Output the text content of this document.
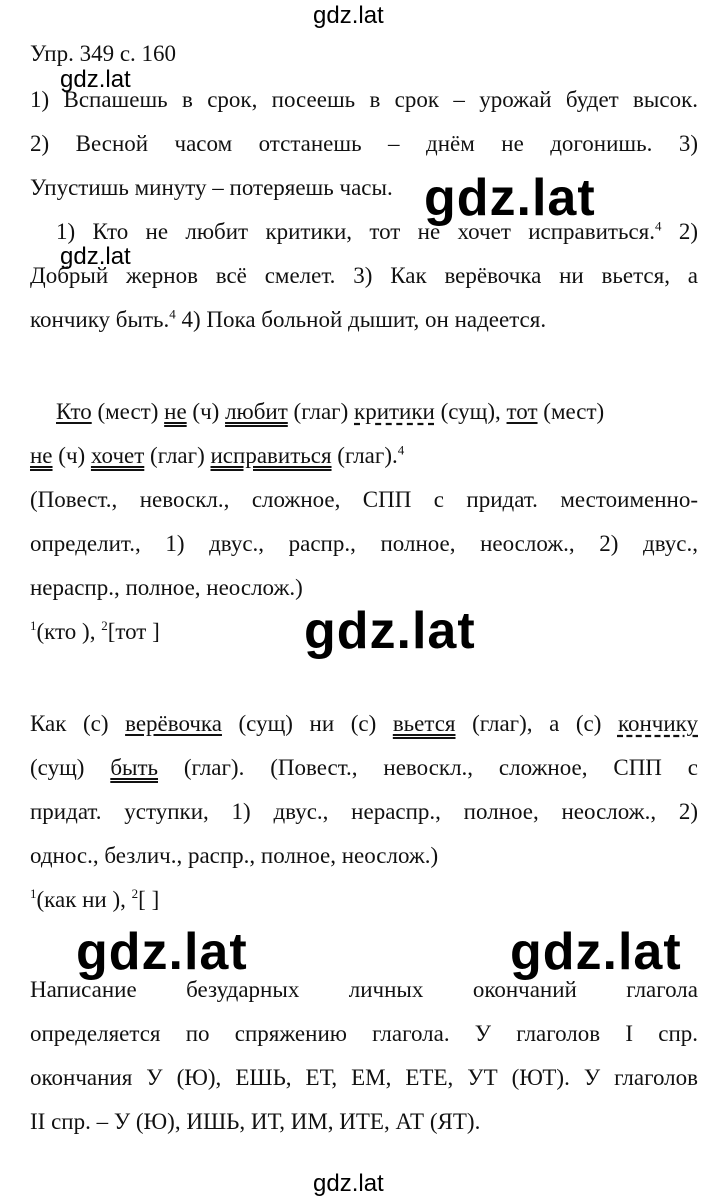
gdz.lat
gdz.lat
gdz.lat
gdz.lat
gdz.lat
gdz.lat	gdz.lat
gdz.lat
Упр. 349 с. 160
1) Вспашешь в срок, посеешь в срок – урожай будет высок.
2) Весной часом отстанешь – днём не догонишь. 3)
Упустишь минуту – потеряешь часы.
1) Кто не любит критики, тот не хочет исправиться.$^4$ 2)
Добрый жернов всё смелет. 3) Как верёвочка ни вьется, а
кончику быть.$^4$ 4) Пока больной дышит, он надеется.
Кто (мест) не (ч) любит (глаг) критики (сущ), тот (мест)
не (ч) хочет (глаг) исправиться (глаг).$^4$
(Повест., невоскл., сложное, СПП с придат. местоименно-
определит., 1) двус., распр., полное, неослож., 2) двус.,
нераспр., полное, неослож.)
$^1$(кто ), $^2$[тот ]
Как (с) верёвочка (сущ) ни (с) вьется (глаг), а (с) кончику
(сущ) быть (глаг). (Повест., невоскл., сложное, СПП с
придат. уступки, 1) двус., нераспр., полное, неослож., 2)
однос., безлич., распр., полное, неослож.)
$^1$(как ни ), $^2$[ ]
Написание безударных личных окончаний глагола
определяется по спряжению глагола. У глаголов I спр.
окончания У (Ю), ЕШЬ, ЕТ, ЕМ, ЕТЕ, УТ (ЮТ). У глаголов
II спр. – У (Ю), ИШЬ, ИТ, ИМ, ИТЕ, АТ (ЯТ).
